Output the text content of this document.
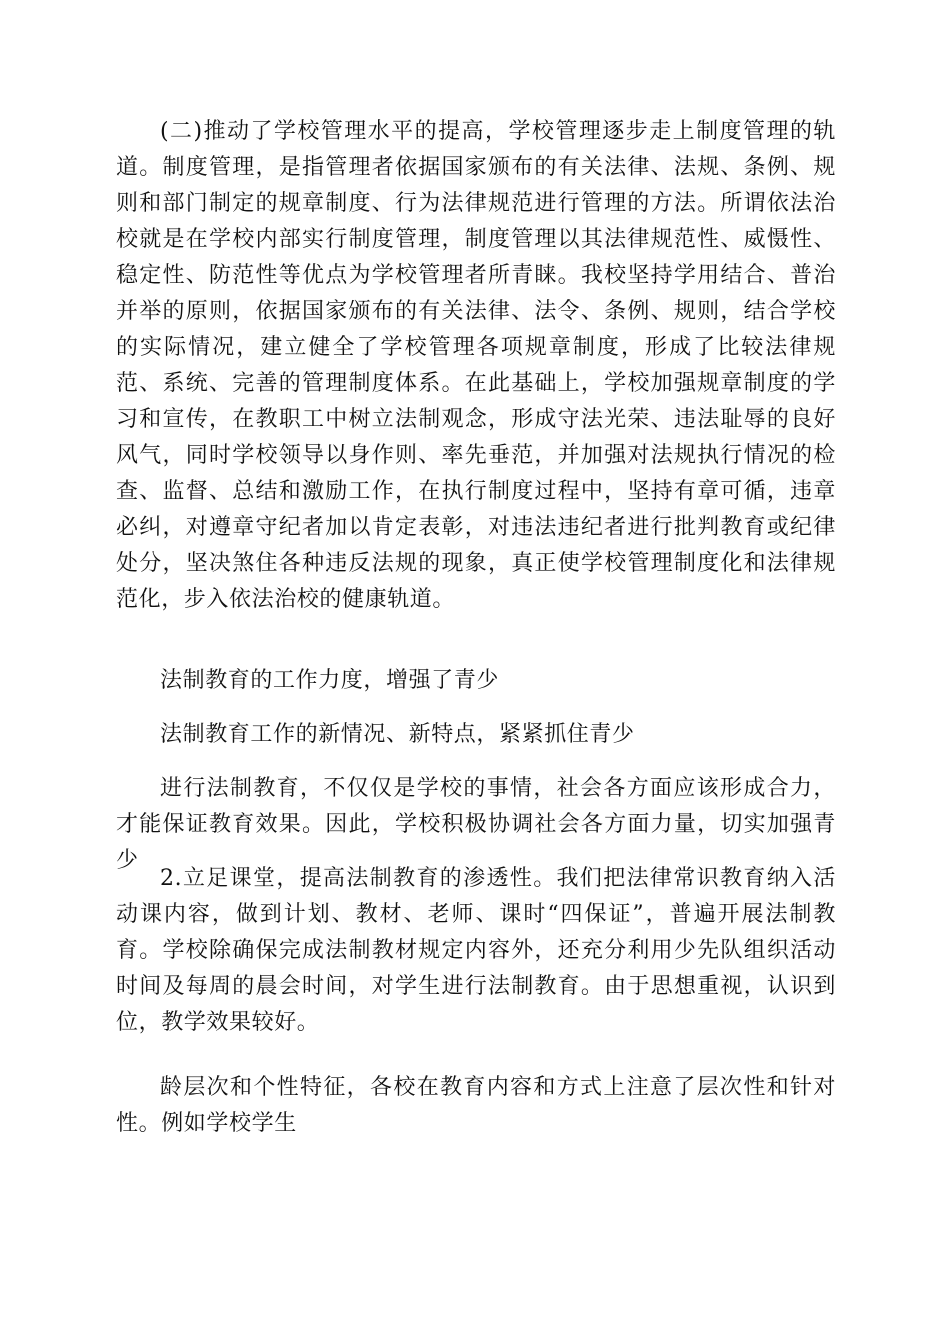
(二)推动了学校管理水平的提高，学校管理逐步走上制度管理的轨道。制度管理，是指管理者依据国家颁布的有关法律、法规、条例、规则和部门制定的规章制度、行为法律规范进行管理的方法。所谓依法治校就是在学校内部实行制度管理，制度管理以其法律规范性、威慑性、稳定性、防范性等优点为学校管理者所青睐。我校坚持学用结合、普治并举的原则，依据国家颁布的有关法律、法令、条例、规则，结合学校的实际情况，建立健全了学校管理各项规章制度，形成了比较法律规范、系统、完善的管理制度体系。在此基础上，学校加强规章制度的学习和宣传，在教职工中树立法制观念，形成守法光荣、违法耻辱的良好风气，同时学校领导以身作则、率先垂范，并加强对法规执行情况的检查、监督、总结和激励工作，在执行制度过程中，坚持有章可循，违章必纠，对遵章守纪者加以肯定表彰，对违法违纪者进行批判教育或纪律处分，坚决煞住各种违反法规的现象，真正使学校管理制度化和法律规范化，步入依法治校的健康轨道。

法制教育的工作力度，增强了青少

法制教育工作的新情况、新特点，紧紧抓住青少

进行法制教育，不仅仅是学校的事情，社会各方面应该形成合力，才能保证教育效果。因此，学校积极协调社会各方面力量，切实加强青少

2.立足课堂，提高法制教育的渗透性。我们把法律常识教育纳入活动课内容，做到计划、教材、老师、课时“四保证”，普遍开展法制教育。学校除确保完成法制教材规定内容外，还充分利用少先队组织活动时间及每周的晨会时间，对学生进行法制教育。由于思想重视，认识到位，教学效果较好。

龄层次和个性特征，各校在教育内容和方式上注意了层次性和针对性。例如学校学生
